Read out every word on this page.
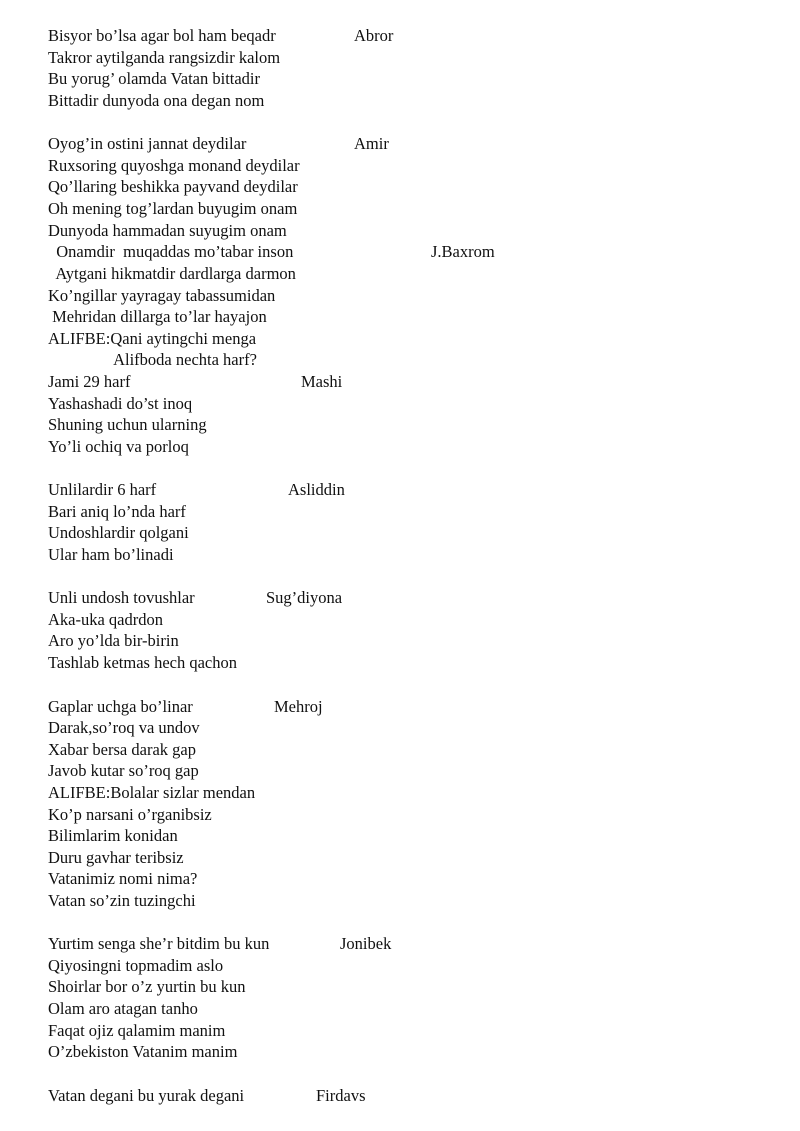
Bisyor bo’lsa agar bol ham beqadr	Abror
Takror aytilganda rangsizdir kalom
Bu yorug’ olamda Vatan bittadir
Bittadir dunyoda ona degan nom
Oyog’in ostini jannat deydilar	Amir
Ruxsoring quyoshga monand deydilar
Qo’llaring beshikka payvand deydilar
Oh mening tog’lardan buyugim onam
Dunyoda hammadan suyugim onam
Onamdir  muqaddas mo’tabar inson	J.Baxrom
Aytgani hikmatdir dardlarga darmon
Ko’ngillar yayragay tabassumidan
Mehridan dillarga to’lar hayajon
ALIFBE:Qani aytingchi menga
Alifboda nechta harf?
Jami 29 harf	Mashi
Yashashadi do’st inoq
Shuning uchun ularning
Yo’li ochiq va porloq
Unlilardir 6 harf	Asliddin
Bari aniq lo’nda harf
Undoshlardir qolgani
Ular ham bo’linadi
Unli undosh tovushlar	Sug’diyona
Aka-uka qadrdon
Aro yo’lda bir-birin
Tashlab ketmas hech qachon
Gaplar uchga bo’linar	Mehroj
Darak,so’roq va undov
Xabar bersa darak gap
Javob kutar so’roq gap
ALIFBE:Bolalar sizlar mendan
Ko’p narsani o’rganibsiz
Bilimlarim konidan
Duru gavhar teribsiz
Vatanimiz nomi nima?
Vatan so’zin tuzingchi
Yurtim senga she’r bitdim bu kun	Jonibek
Qiyosingni topmadim aslo
Shoirlar bor o’z yurtin bu kun
Olam aro atagan tanho
Faqat ojiz qalamim manim
O’zbekiston Vatanim manim
Vatan degani bu yurak degani	Firdavs
